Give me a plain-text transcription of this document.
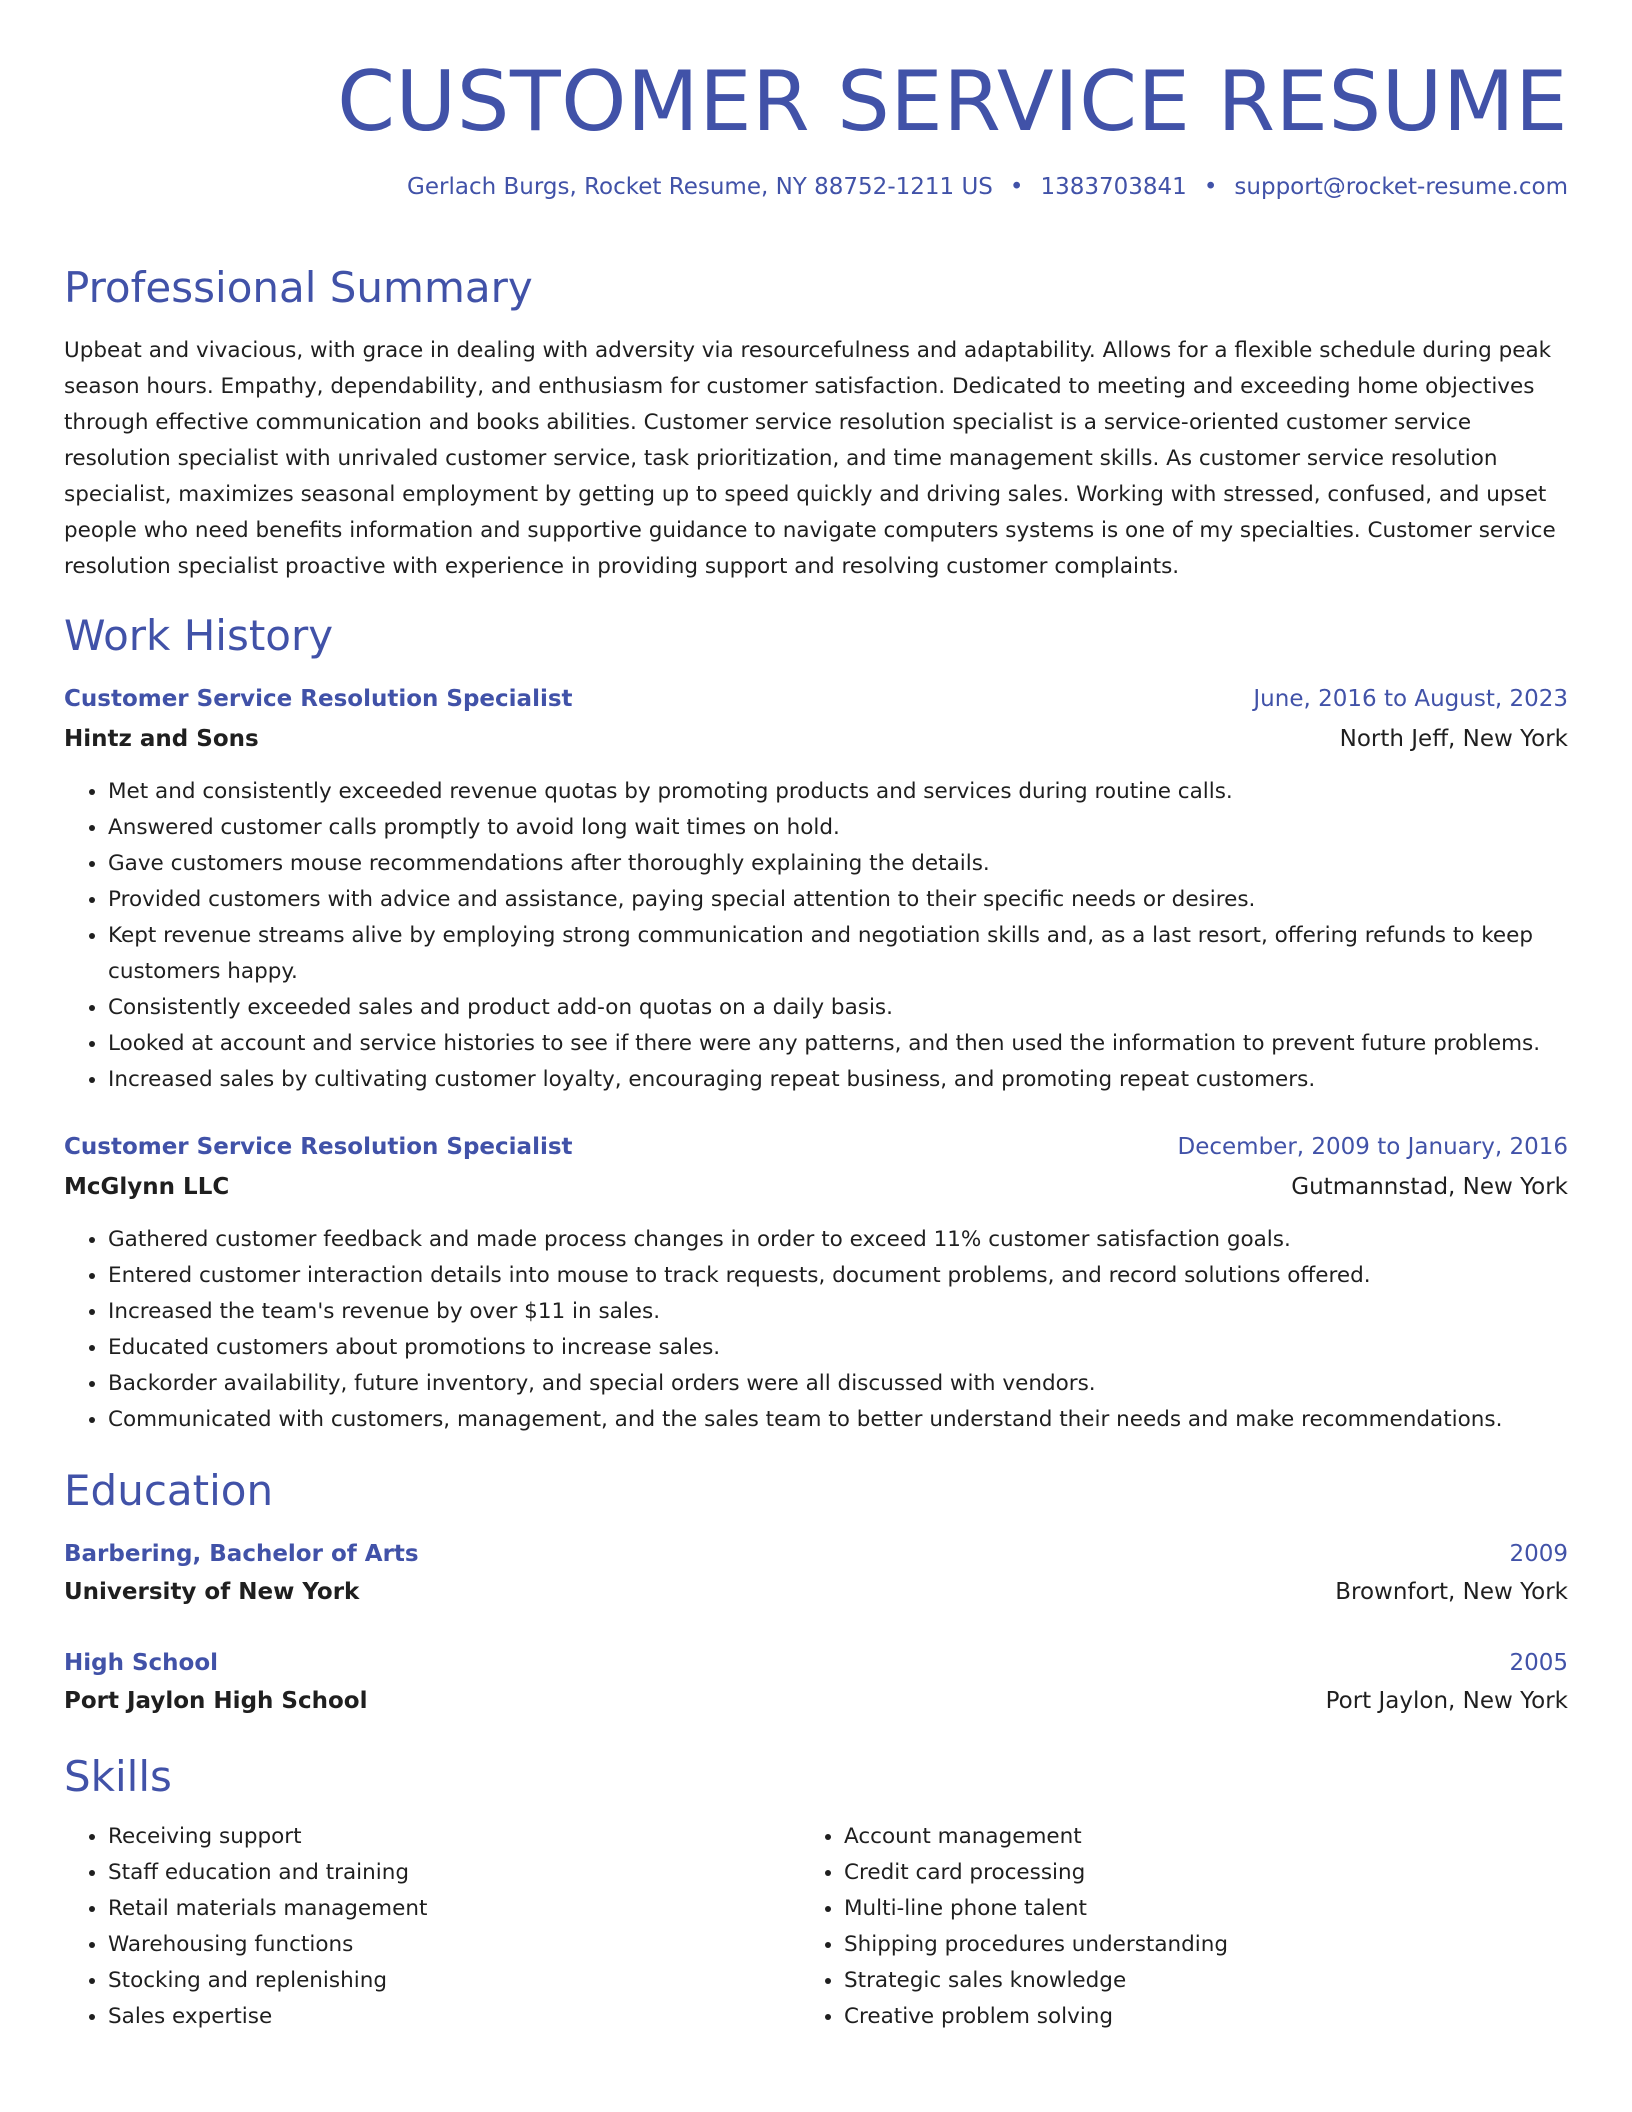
CUSTOMER SERVICE RESUME
Gerlach Burgs, Rocket Resume, NY 88752-1211 US • 1383703841 • support@rocket-resume.com
Professional Summary

Upbeat and vivacious, with grace in dealing with adversity via resourcefulness and adaptability. Allows for a flexible schedule during peak season hours. Empathy, dependability, and enthusiasm for customer satisfaction. Dedicated to meeting and exceeding home objectives through effective communication and books abilities. Customer service resolution specialist is a service-oriented customer service resolution specialist with unrivaled customer service, task prioritization, and time management skills. As customer service resolution specialist, maximizes seasonal employment by getting up to speed quickly and driving sales. Working with stressed, confused, and upset people who need benefits information and supportive guidance to navigate computers systems is one of my specialties. Customer service resolution specialist proactive with experience in providing support and resolving customer complaints.

Work History
Customer Service Resolution Specialist	June, 2016 to August, 2023
Hintz and Sons	North Jeff, New York
• Met and consistently exceeded revenue quotas by promoting products and services during routine calls.
• Answered customer calls promptly to avoid long wait times on hold.
• Gave customers mouse recommendations after thoroughly explaining the details.
• Provided customers with advice and assistance, paying special attention to their specific needs or desires.
• Kept revenue streams alive by employing strong communication and negotiation skills and, as a last resort, offering refunds to keep customers happy.
• Consistently exceeded sales and product add-on quotas on a daily basis.
• Looked at account and service histories to see if there were any patterns, and then used the information to prevent future problems.
• Increased sales by cultivating customer loyalty, encouraging repeat business, and promoting repeat customers.
Customer Service Resolution Specialist	December, 2009 to January, 2016
McGlynn LLC	Gutmannstad, New York
• Gathered customer feedback and made process changes in order to exceed 11% customer satisfaction goals.
• Entered customer interaction details into mouse to track requests, document problems, and record solutions offered.
• Increased the team's revenue by over $11 in sales.
• Educated customers about promotions to increase sales.
• Backorder availability, future inventory, and special orders were all discussed with vendors.
• Communicated with customers, management, and the sales team to better understand their needs and make recommendations.
Education
Barbering, Bachelor of Arts	2009
University of New York	Brownfort, New York
High School	2005
Port Jaylon High School	Port Jaylon, New York
Skills
• Receiving support
• Staff education and training
• Retail materials management
• Warehousing functions
• Stocking and replenishing
• Sales expertise
• Account management
• Credit card processing
• Multi-line phone talent
• Shipping procedures understanding
• Strategic sales knowledge
• Creative problem solving
